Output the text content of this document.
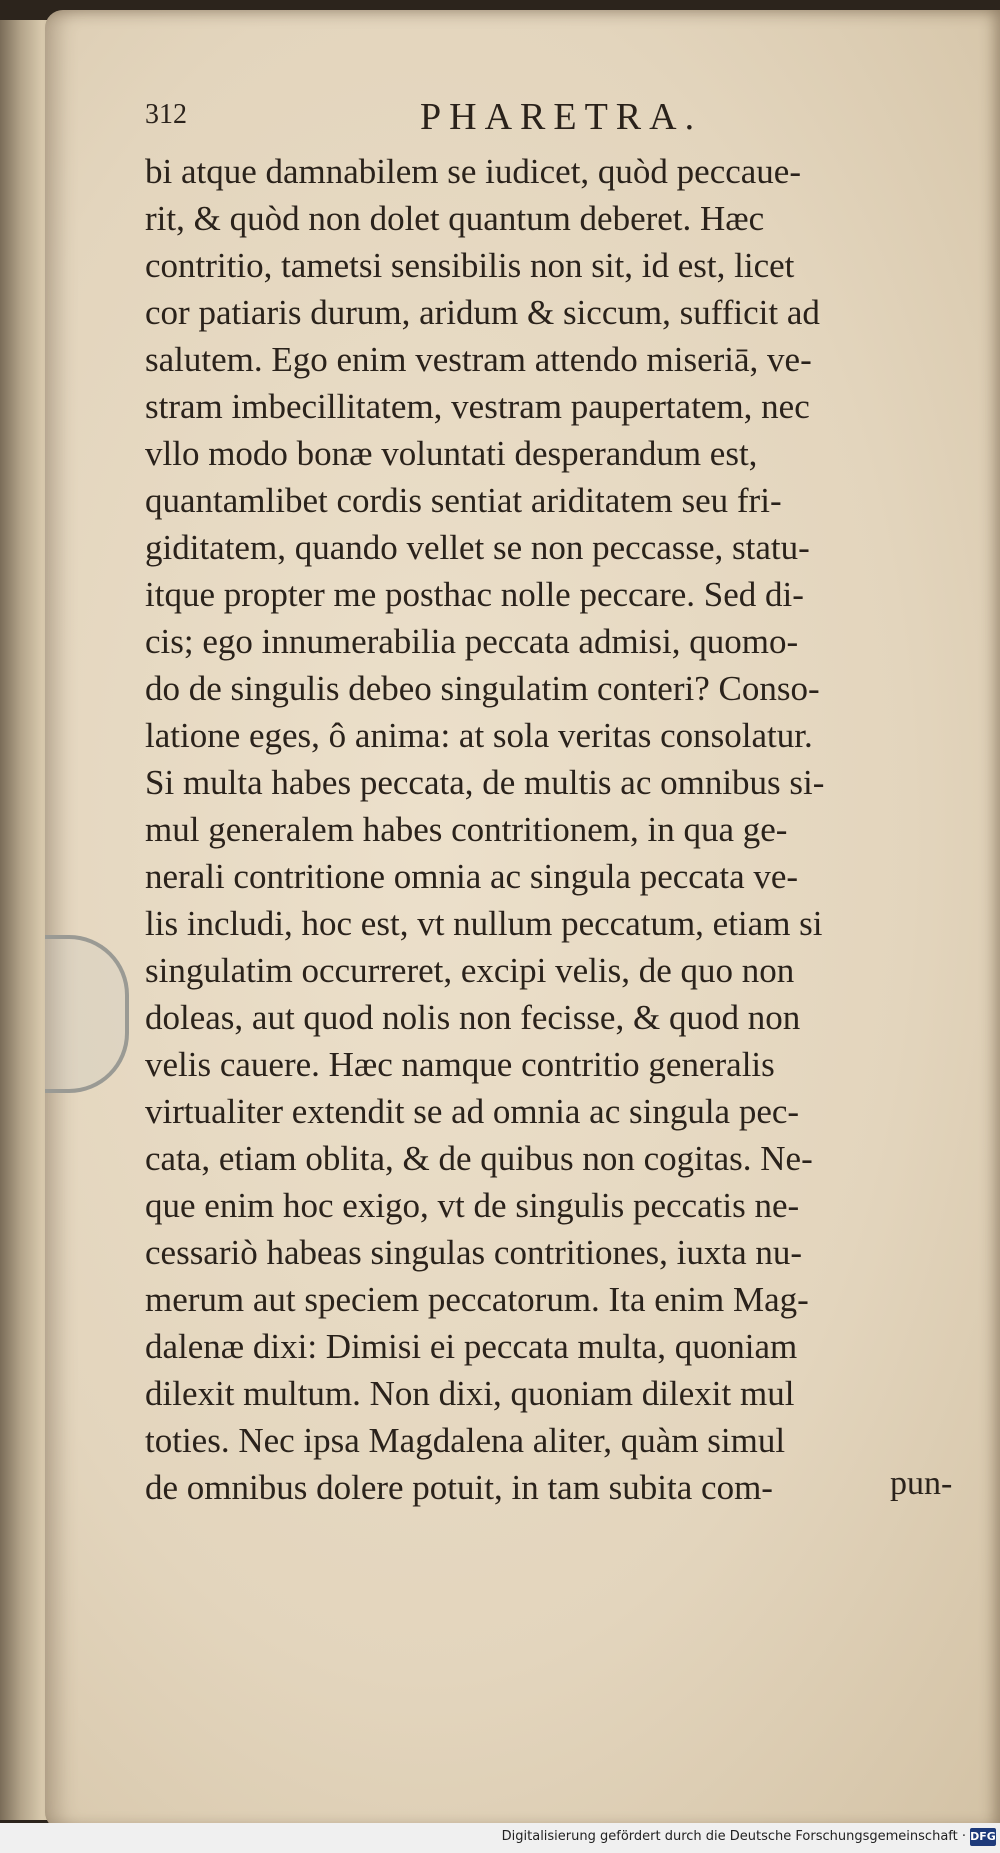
312	PHARETRA.
bi atque damnabilem se iudicet, quòd peccaue-
rit, & quòd non dolet quantum deberet. Hæc
contritio, tametsi sensibilis non sit, id est, licet
cor patiaris durum, aridum & siccum, sufficit ad
salutem. Ego enim vestram attendo miseriā, ve-
stram imbecillitatem, vestram paupertatem, nec
vllo modo bonæ voluntati desperandum est,
quantamlibet cordis sentiat ariditatem seu fri-
giditatem, quando vellet se non peccasse, statu-
itque propter me posthac nolle peccare. Sed di-
cis; ego innumerabilia peccata admisi, quomo-
do de singulis debeo singulatim conteri? Conso-
latione eges, ô anima: at sola veritas consolatur.
Si multa habes peccata, de multis ac omnibus si-
mul generalem habes contritionem, in qua ge-
nerali contritione omnia ac singula peccata ve-
lis includi, hoc est, vt nullum peccatum, etiam si
singulatim occurreret, excipi velis, de quo non
doleas, aut quod nolis non fecisse, & quod non
velis cauere. Hæc namque contritio generalis
virtualiter extendit se ad omnia ac singula pec-
cata, etiam oblita, & de quibus non cogitas. Ne-
que enim hoc exigo, vt de singulis peccatis ne-
cessariò habeas singulas contritiones, iuxta nu-
merum aut speciem peccatorum. Ita enim Mag-
dalenæ dixi: Dimisi ei peccata multa, quoniam
dilexit multum. Non dixi, quoniam dilexit mul
toties. Nec ipsa Magdalena aliter, quàm simul
de omnibus dolere potuit, in tam subita com-	pun-
Digitalisierung gefördert durch die Deutsche Forschungsgemeinschaft · DFG
